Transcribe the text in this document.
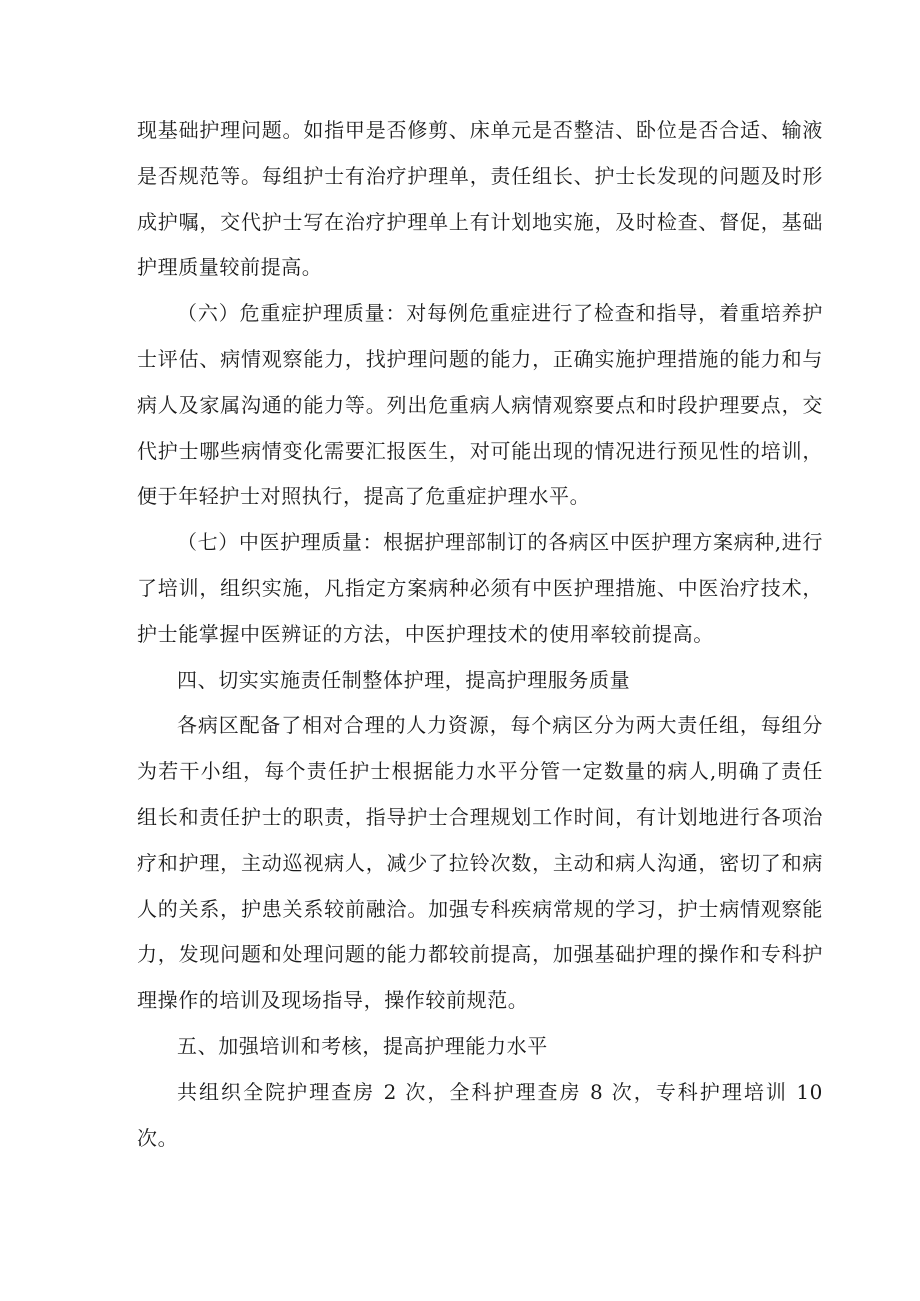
现基础护理问题。如指甲是否修剪、床单元是否整洁、卧位是否合适、输液是否规范等。每组护士有治疗护理单，责任组长、护士长发现的问题及时形成护嘱，交代护士写在治疗护理单上有计划地实施，及时检查、督促，基础护理质量较前提高。

（六）危重症护理质量：对每例危重症进行了检查和指导，着重培养护士评估、病情观察能力，找护理问题的能力，正确实施护理措施的能力和与病人及家属沟通的能力等。列出危重病人病情观察要点和时段护理要点，交代护士哪些病情变化需要汇报医生，对可能出现的情况进行预见性的培训，便于年轻护士对照执行，提高了危重症护理水平。

（七）中医护理质量：根据护理部制订的各病区中医护理方案病种,进行了培训，组织实施，凡指定方案病种必须有中医护理措施、中医治疗技术，护士能掌握中医辨证的方法，中医护理技术的使用率较前提高。

四、切实实施责任制整体护理，提高护理服务质量

各病区配备了相对合理的人力资源，每个病区分为两大责任组，每组分为若干小组，每个责任护士根据能力水平分管一定数量的病人,明确了责任组长和责任护士的职责，指导护士合理规划工作时间，有计划地进行各项治疗和护理，主动巡视病人，减少了拉铃次数，主动和病人沟通，密切了和病人的关系，护患关系较前融洽。加强专科疾病常规的学习，护士病情观察能力，发现问题和处理问题的能力都较前提高，加强基础护理的操作和专科护理操作的培训及现场指导，操作较前规范。

五、加强培训和考核，提高护理能力水平

共组织全院护理查房 2 次，全科护理查房 8 次，专科护理培训 10 次。
